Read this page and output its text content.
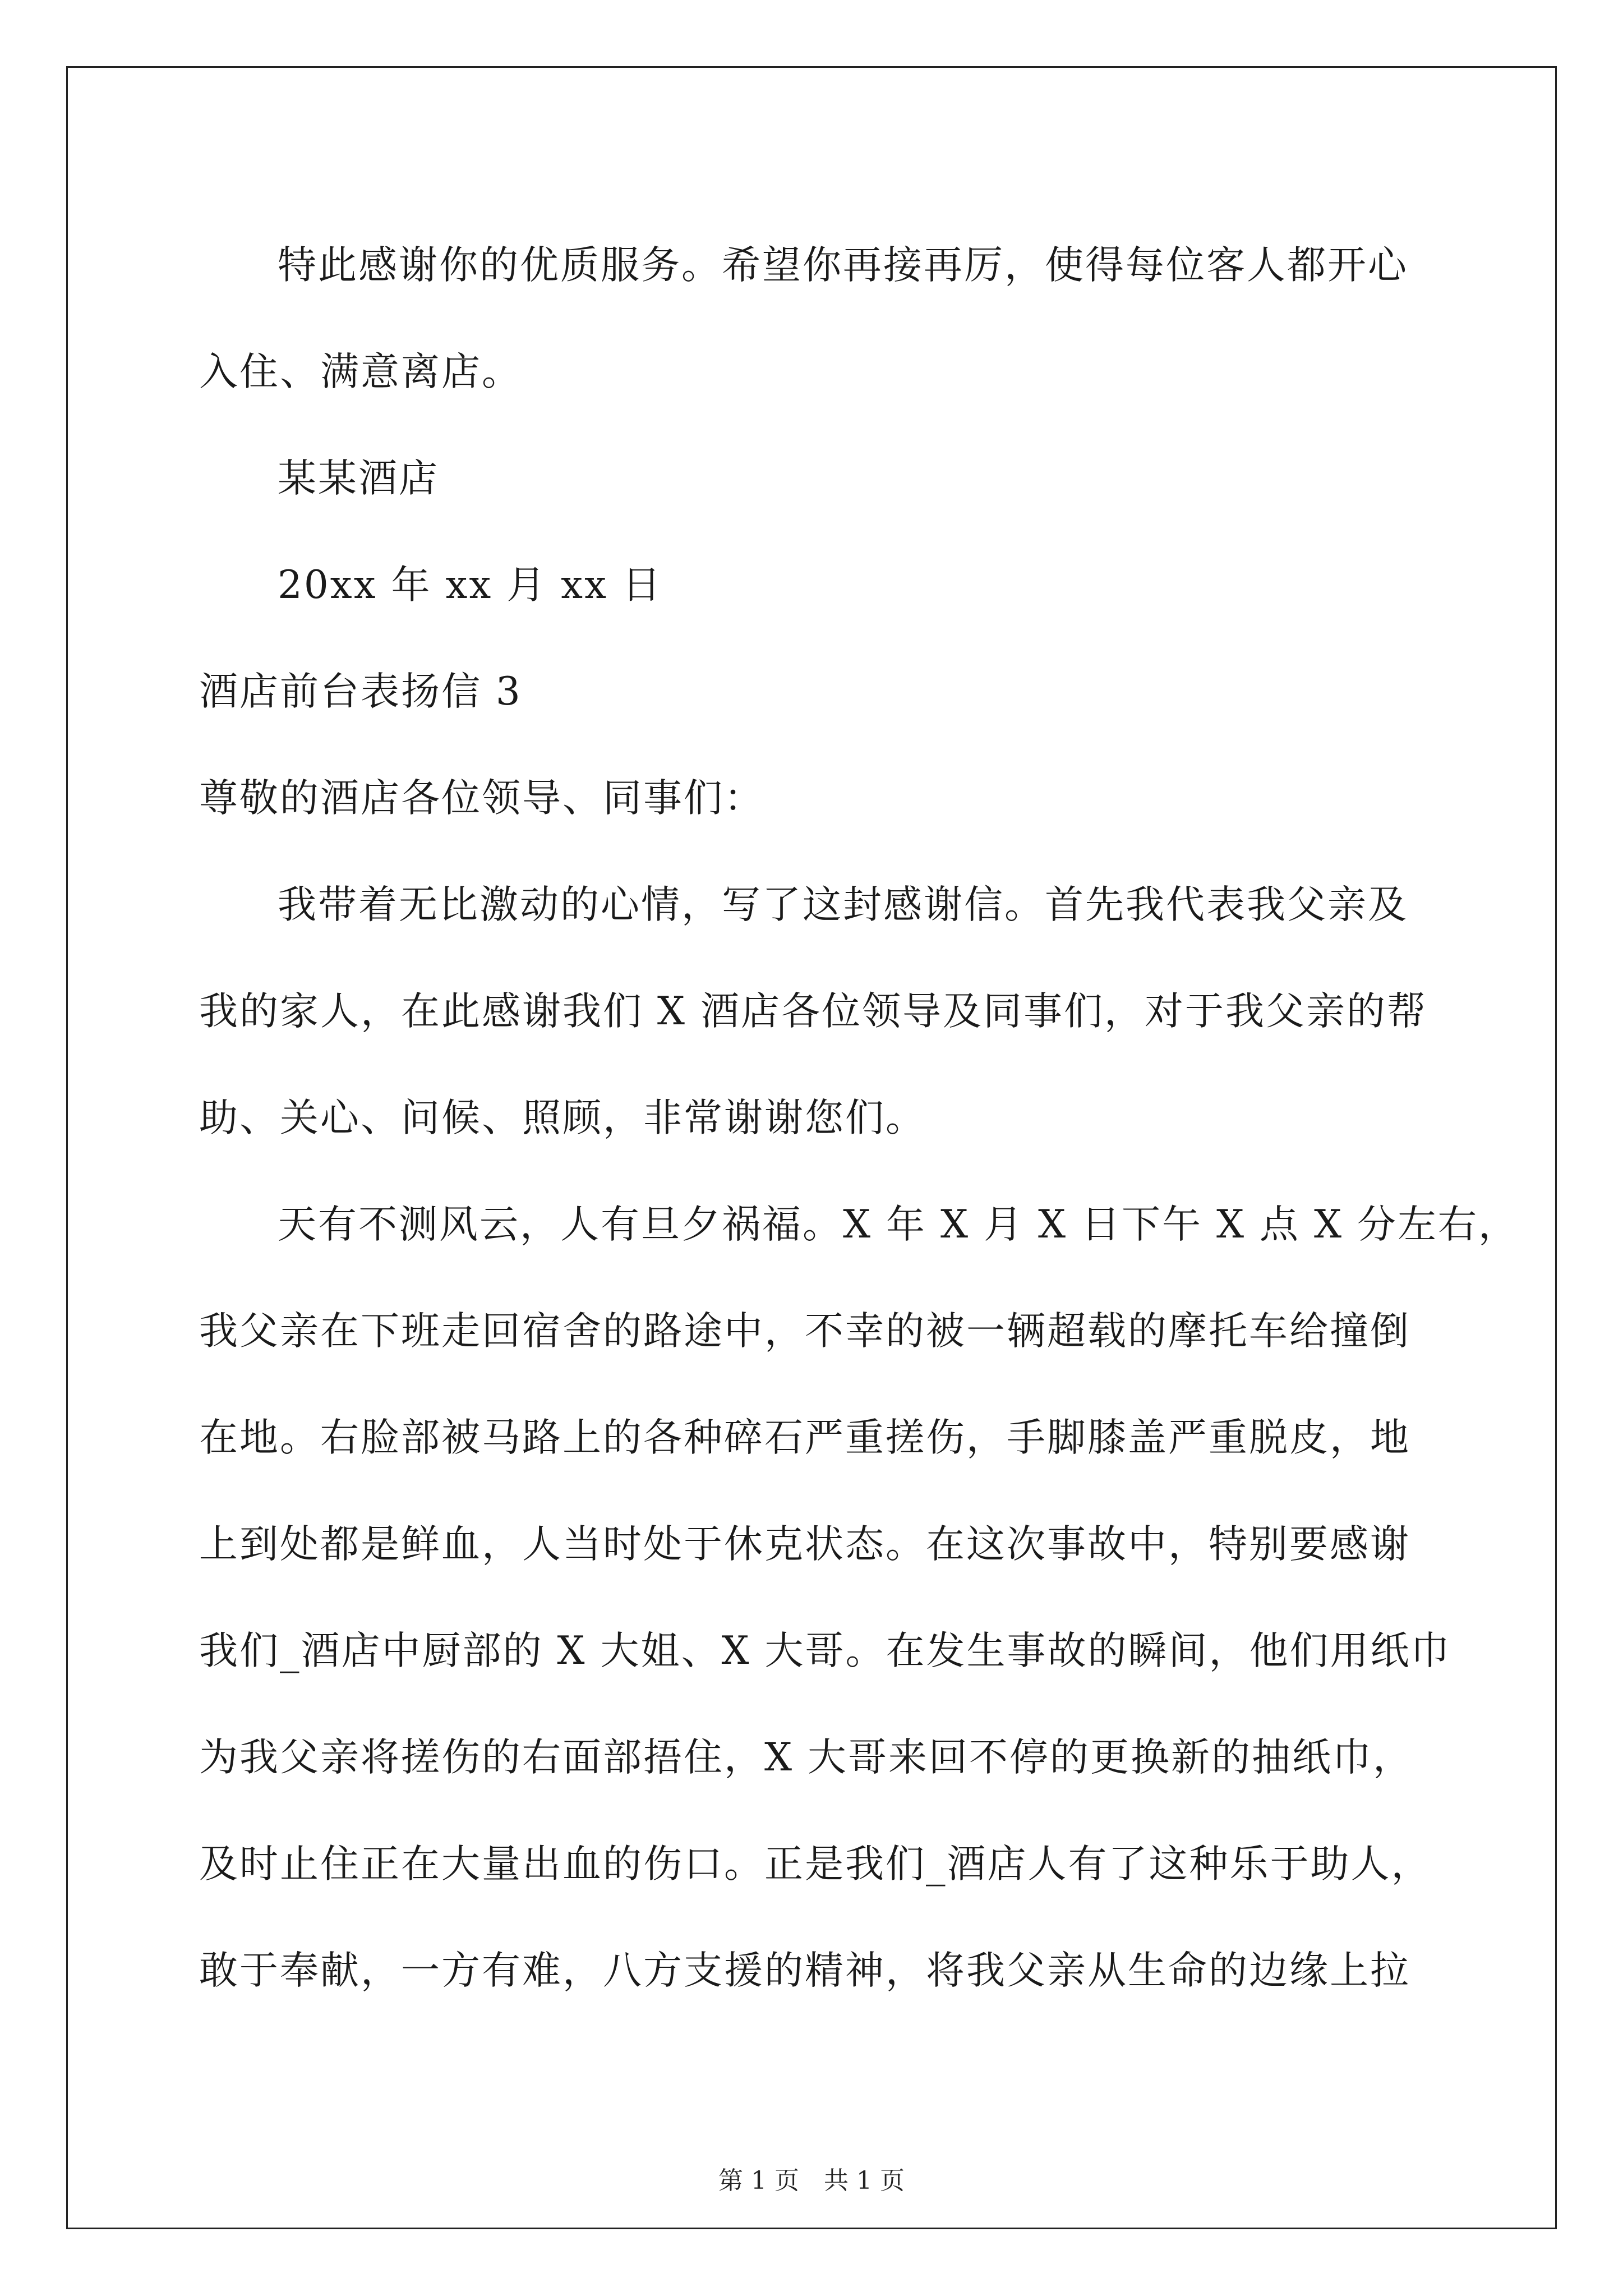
特此感谢你的优质服务。希望你再接再厉，使得每位客人都开心
入住、满意离店。
某某酒店
20xx 年 xx 月 xx 日
酒店前台表扬信 3
尊敬的酒店各位领导、同事们：
我带着无比激动的心情，写了这封感谢信。首先我代表我父亲及
我的家人，在此感谢我们 X 酒店各位领导及同事们，对于我父亲的帮
助、关心、问候、照顾，非常谢谢您们。
天有不测风云，人有旦夕祸福。X 年 X 月 X 日下午 X 点 X 分左右，
我父亲在下班走回宿舍的路途中，不幸的被一辆超载的摩托车给撞倒
在地。右脸部被马路上的各种碎石严重搓伤，手脚膝盖严重脱皮，地
上到处都是鲜血，人当时处于休克状态。在这次事故中，特别要感谢
我们_酒店中厨部的 X 大姐、X 大哥。在发生事故的瞬间，他们用纸巾
为我父亲将搓伤的右面部捂住，X 大哥来回不停的更换新的抽纸巾，
及时止住正在大量出血的伤口。正是我们_酒店人有了这种乐于助人，
敢于奉献，一方有难，八方支援的精神，将我父亲从生命的边缘上拉
第 1 页 共 1 页
